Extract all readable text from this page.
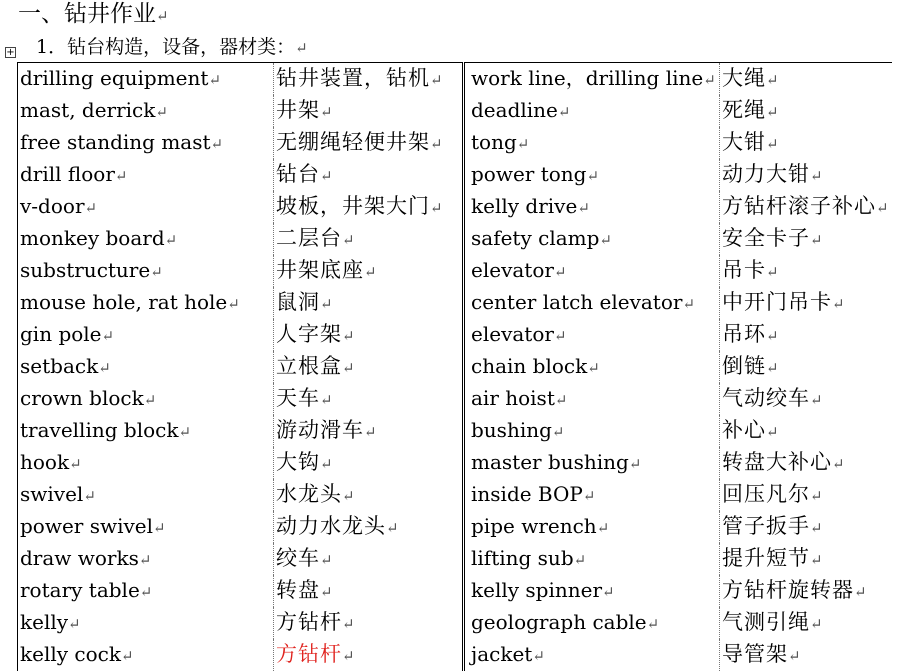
一、钻井作业↵
+ 1．钻台构造，设备，器材类：↵
drilling equipment↵	钻井装置，钻机↵	work line，drilling line↵	大绳↵
mast, derrick↵	井架↵	deadline↵	死绳↵
free standing mast↵	无绷绳轻便井架↵	tong↵	大钳↵
drill floor↵	钻台↵	power tong↵	动力大钳↵
v-door↵	坡板，井架大门↵	kelly drive↵	方钻杆滚子补心↵
monkey board↵	二层台↵	safety clamp↵	安全卡子↵
substructure↵	井架底座↵	elevator↵	吊卡↵
mouse hole, rat hole↵	鼠洞↵	center latch elevator↵	中开门吊卡↵
gin pole↵	人字架↵	elevator↵	吊环↵
setback↵	立根盒↵	chain block↵	倒链↵
crown block↵	天车↵	air hoist↵	气动绞车↵
travelling block↵	游动滑车↵	bushing↵	补心↵
hook↵	大钩↵	master bushing↵	转盘大补心↵
swivel↵	水龙头↵	inside BOP↵	回压凡尔↵
power swivel↵	动力水龙头↵	pipe wrench↵	管子扳手↵
draw works↵	绞车↵	lifting sub↵	提升短节↵
rotary table↵	转盘↵	kelly spinner↵	方钻杆旋转器↵
kelly↵	方钻杆↵	geolograph cable↵	气测引绳↵
kelly cock↵	方钻杆↵	jacket↵	导管架↵
